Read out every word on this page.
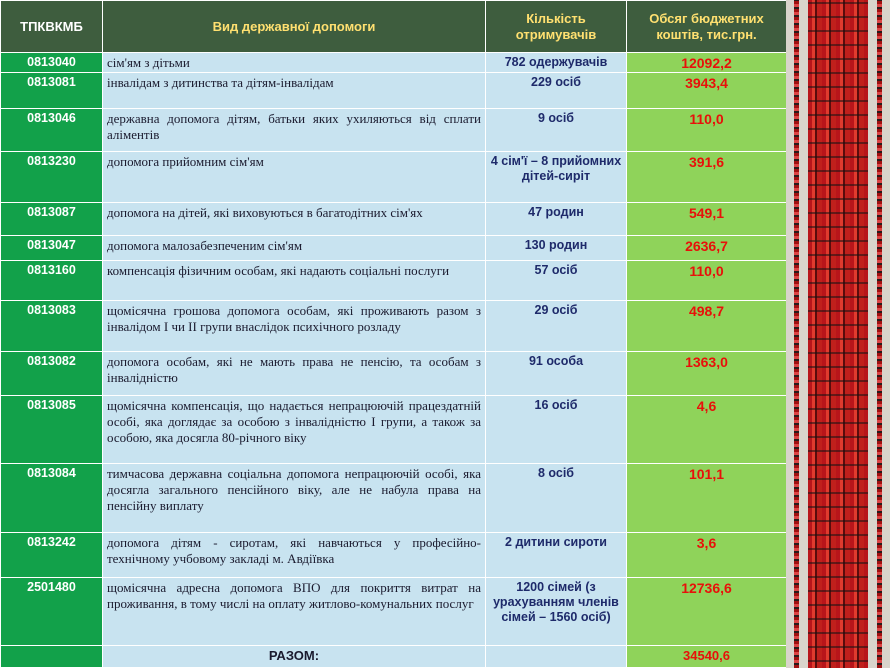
ТПКВКМБ	Вид державної допомоги	Кількість отримувачів	Обсяг бюджетних коштів, тис.грн.
0813040	сім'ям з дітьми	782 одержувачів	12092,2
0813081	інвалідам з дитинства та дітям-інвалідам	229 осіб	3943,4
0813046	державна допомога дітям, батьки яких ухиляються від сплати аліментів	9 осіб	110,0
0813230	допомога прийомним сім'ям	4 сім'ї – 8 прийомних дітей-сиріт	391,6
0813087	допомога на дітей, які виховуються в багатодітних сім'ях	47 родин	549,1
0813047	допомога малозабезпеченим сім'ям	130 родин	2636,7
0813160	компенсація фізичним особам, які надають соціальні послуги	57 осіб	110,0
0813083	щомісячна грошова допомога особам, які проживають разом з інвалідом I чи II групи внаслідок психічного розладу	29 осіб	498,7
0813082	допомога особам, які не мають права не пенсію, та особам з інвалідністю	91 особа	1363,0
0813085	щомісячна компенсація, що надається непрацюючій працездатній особі, яка доглядає за особою з інвалідністю I групи, а також за особою, яка досягла 80-річного віку	16 осіб	4,6
0813084	тимчасова державна соціальна допомога непрацюючій особі, яка досягла загального пенсійного віку, але не набула права на пенсійну виплату	8 осіб	101,1
0813242	допомога дітям - сиротам, які навчаються у професійно-технічному учбовому закладі м. Авдіївка	2 дитини сироти	3,6
2501480	щомісячна адресна допомога ВПО для покриття витрат на проживання, в тому числі на оплату житлово-комунальних послуг	1200 сімей (з урахуванням членів сімей – 1560 осіб)	12736,6
	РАЗОМ:		34540,6
